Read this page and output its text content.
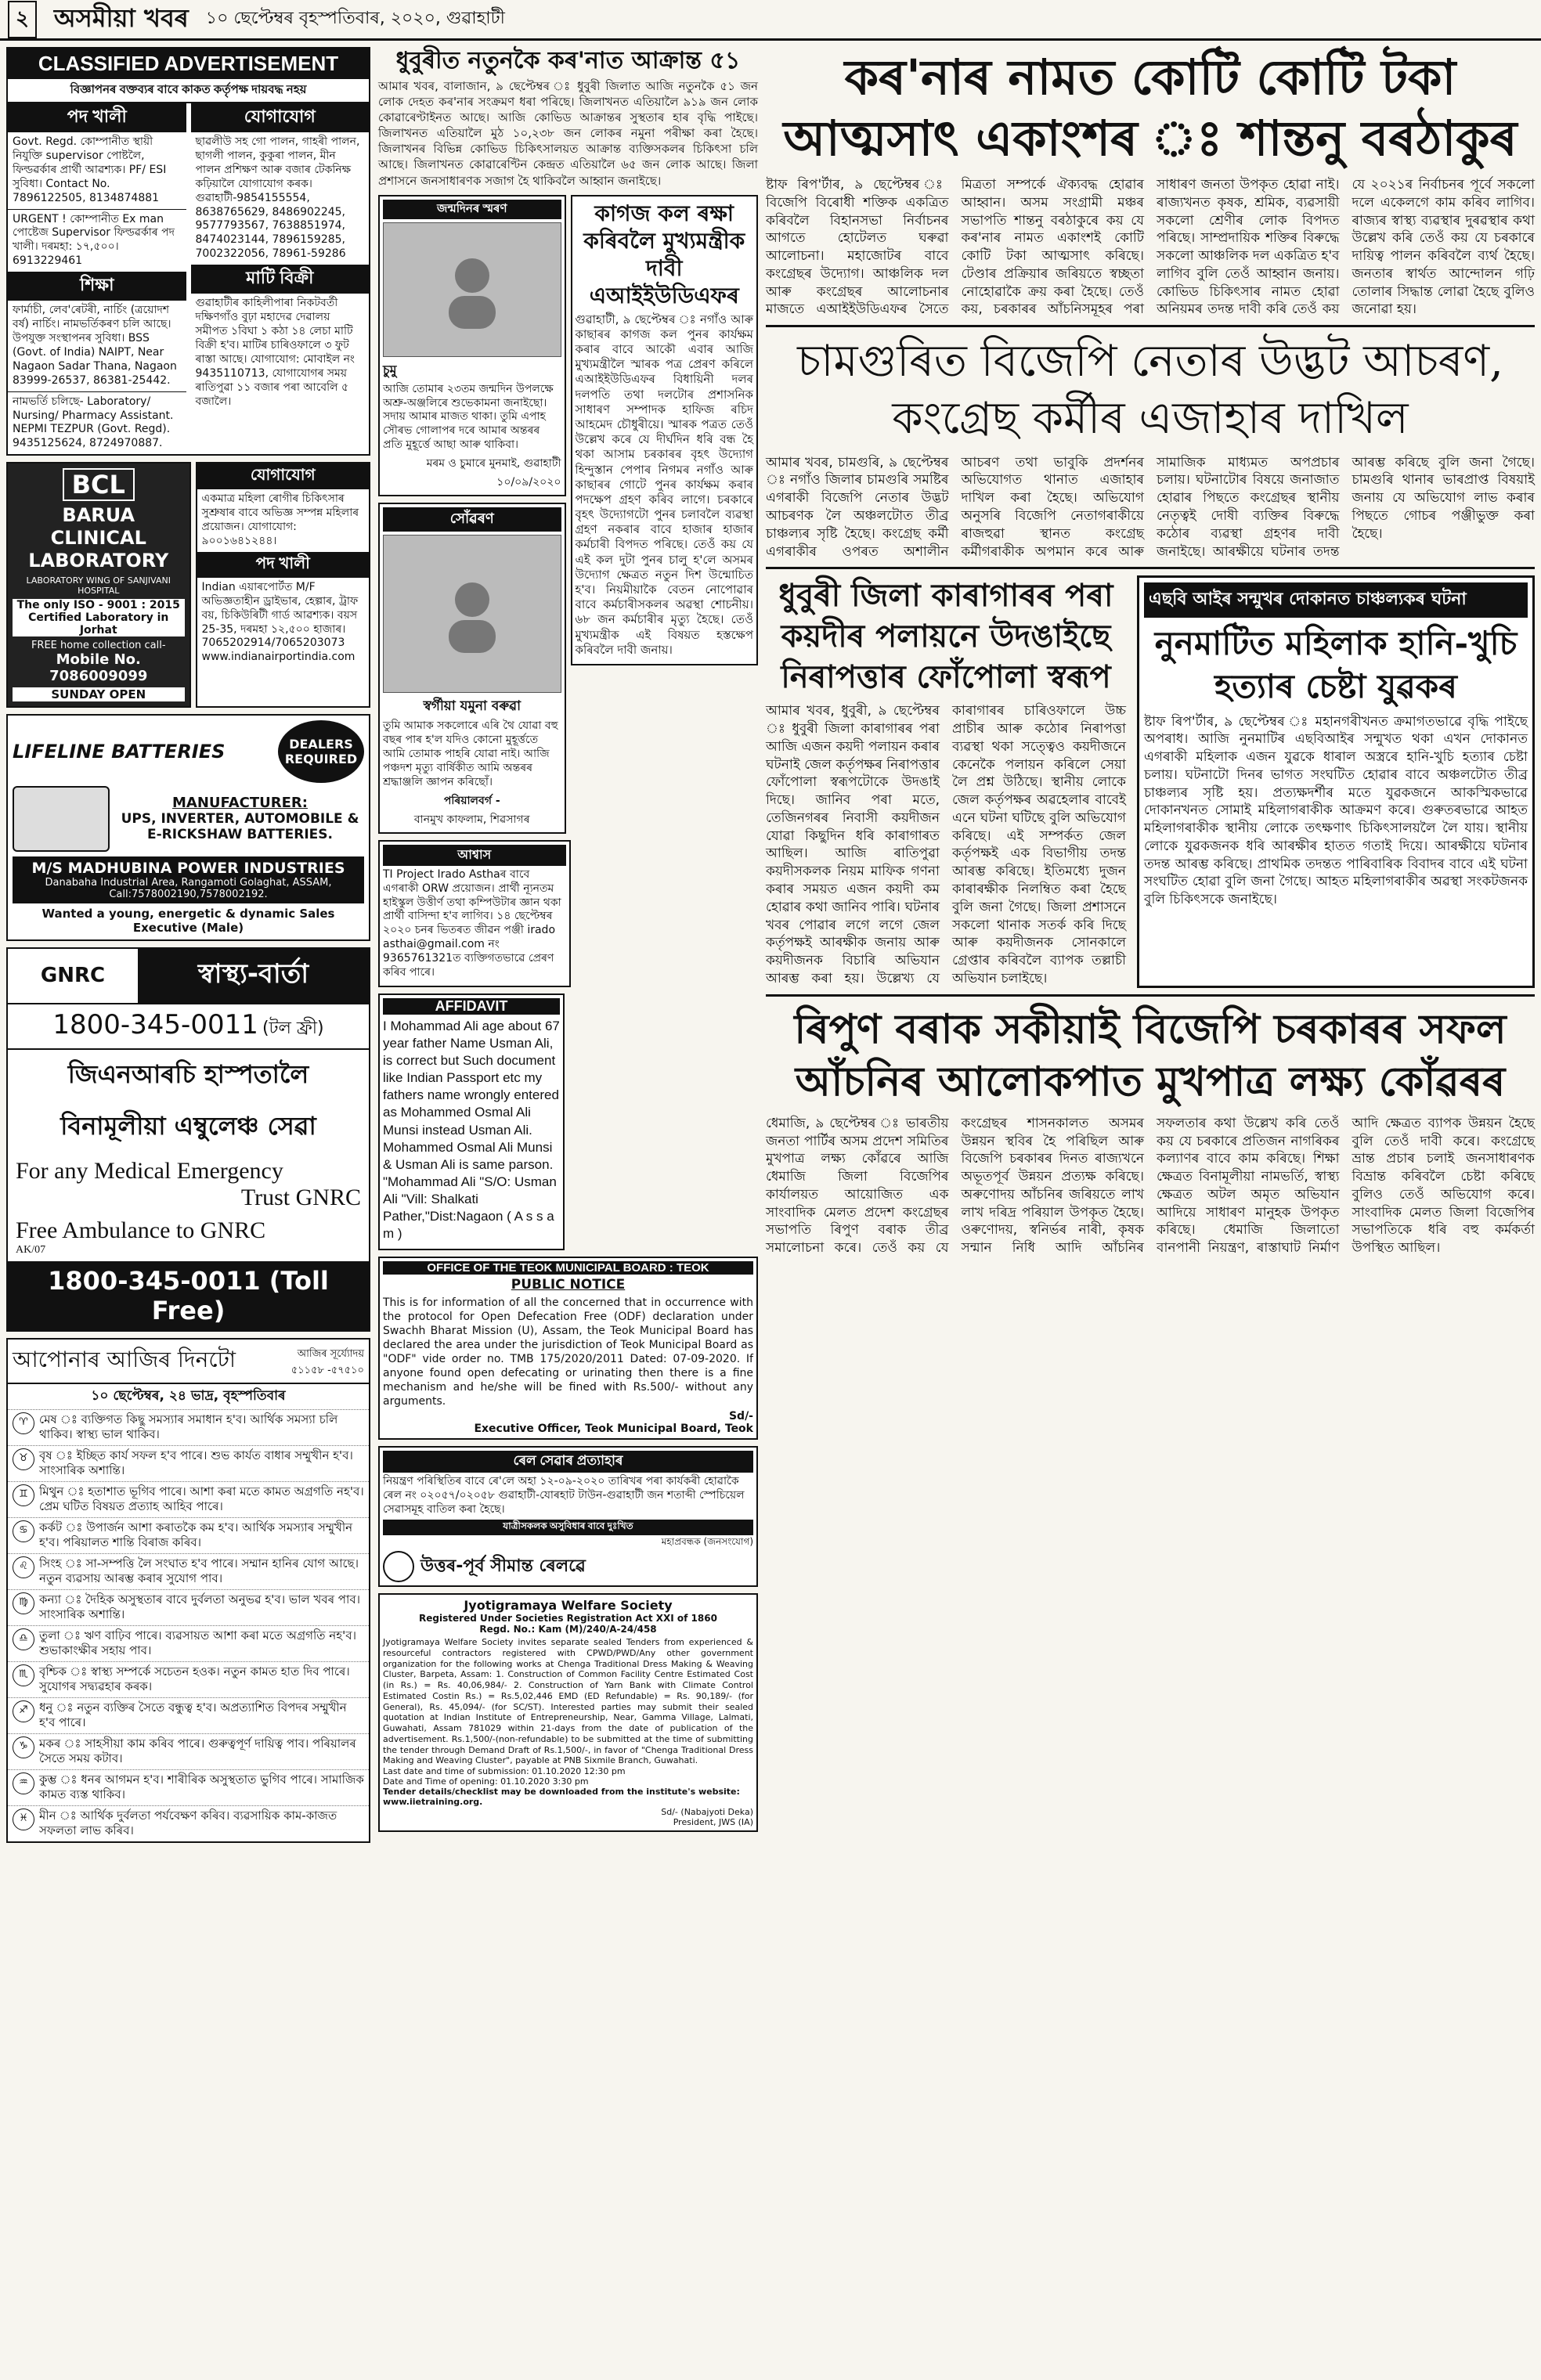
২	অসমীয়া খবৰ ১০ ছেপ্টেম্বৰ বৃহস্পতিবাৰ, ২০২০, গুৱাহাটী
CLASSIFIED ADVERTISEMENT
বিজ্ঞাপনৰ বক্তব্যৰ বাবে কাকত কৰ্তৃপক্ষ দায়বদ্ধ নহয়
পদ খালী
Govt. Regd. কোম্পানীত স্থায়ী নিযুক্তি supervisor পোষ্টলৈ, ফিল্ডৱৰ্কাৰ প্ৰাৰ্থী আৱশ্যক। PF/ ESI সুবিধা। Contact No. 7896122505, 8134874881
URGENT ! কোম্পানীত Ex man পোষ্টেজ Supervisor ফিল্ডৱৰ্কাৰ পদ খালী। দৰমহা: ১৭,৫০০। 6913229461
শিক্ষা
ফাৰ্মাচী, লেব'ৰেটৰী, নাৰ্চিং (ত্ৰয়োদশ বৰ্ষ) নাৰ্চিং। নামভৰ্তিকৰণ চলি আছে। উপযুক্ত সংস্থাপনৰ সুবিধা। BSS (Govt. of India) NAIPT, Near Nagaon Sadar Thana, Nagaon 83999-26537, 86381-25442.
নামভৰ্তি চলিছে- Laboratory/ Nursing/ Pharmacy Assistant. NEPMI TEZPUR (Govt. Regd). 9435125624, 8724970887.
যোগাযোগ
ছাৱলীউ সহ গো পালন, গাহৰী পালন, ছাগলী পালন, কুকুৰা পালন, মীন পালন প্ৰশিক্ষণ আৰু বজাৰ টেকনিক্ষ কঢ়িয়ালৈ যোগাযোগ কৰক। গুৱাহাটী-9854155554, 8638765629, 8486902245, 9577793567, 7638851974, 8474023144, 7896159285, 7002322056, 78961-59286
মাটি বিক্ৰী
গুৱাহাটীৰ কাহিলীপাৰা নিকটবৰ্তী দক্ষিণগাঁও বুঢ়া মহাদেৱ দেৱালয় সমীপত ১বিঘা ১ কঠা ১৪ লেচা মাটি বিক্ৰী হ'ব। মাটিৰ চাৰিওফালে ৩ ফুট ৰাস্তা আছে। যোগাযোগ: মোবাইল নং 9435110713, যোগাযোগৰ সময় ৰাতিপুৱা ১১ বজাৰ পৰা আবেলি ৫ বজালৈ।
BCL
BARUA CLINICAL LABORATORY
LABORATORY WING OF SANJIVANI HOSPITAL
The only ISO - 9001 : 2015 Certified Laboratory in Jorhat
FREE home collection call-
Mobile No. 7086009099
SUNDAY OPEN
যোগাযোগ
একমাত্ৰ মহিলা ৰোগীৰ চিকিৎসাৰ সুশ্ৰুষাৰ বাবে অভিজ্ঞ সম্পন্ন মহিলাৰ প্ৰয়োজন। যোগাযোগ: ৯০০১৬৪১২৪৪।
পদ খালী
Indian এয়াৰপোৰ্টত M/F অভিজ্ঞতাহীন ড্ৰাইভাৰ, হেল্পাৰ, ট্ৰাফ বয়, চিকিউৰিটী গাৰ্ড আৱশ্যক। বয়স 25-35, দৰমহা ১২,৫০০ হাজাৰ। 7065202914/7065203073 www.indianairportindia.com
LIFELINE BATTERIES	DEALERS REQUIRED
MANUFACTURER:
UPS, INVERTER, AUTOMOBILE & E-RICKSHAW BATTERIES.
M/S MADHUBINA POWER INDUSTRIES
Danabaha Industrial Area, Rangamoti Golaghat, ASSAM, Call:7578002190,7578002192.
Wanted a young, energetic & dynamic Sales Executive (Male)
GNRC	স্বাস্থ্য-বাৰ্তা
1800-345-0011 (টল ফ্ৰী)
জিএনআৰচি হাস্পতালৈ
বিনামূলীয়া এম্বুলেঞ্চ সেৱা
For any Medical Emergency
Trust GNRC
Free Ambulance to GNRC
AK/07
1800-345-0011 (Toll Free)
আপোনাৰ আজিৰ দিনটো	আজিৰ সূৰ্য্যোদয়
৫১১৫৮ -৫৭৫১০
১০ ছেপ্টেম্বৰ, ২৪ ভাদ্ৰ, বৃহস্পতিবাৰ
♈ মেষ ঃ ব্যক্তিগত কিছু সমস্যাৰ সমাধান হ'ব। আৰ্থিক সমস্যা চলি থাকিব। স্বাস্থ্য ভাল থাকিব।
♉ বৃষ ঃ ইচ্ছিত কাৰ্য সফল হ'ব পাৰে। শুভ কাৰ্যত বাধাৰ সম্মুখীন হ'ব। সাংসাৰিক অশান্তি।
♊ মিথুন ঃ হতাশাত ভূগিব পাৰে। আশা কৰা মতে কামত অগ্ৰগতি নহ'ব। প্ৰেম ঘটিত বিষয়ত প্ৰত্যাহ আহিব পাৰে।
♋ কৰ্কট ঃ উপাৰ্জন আশা কৰাতকৈ কম হ'ব। আৰ্থিক সমস্যাৰ সম্মুখীন হ'ব। পৰিয়ালত শান্তি বিৰাজ কৰিব।
♌ সিংহ ঃ সা-সম্পত্তি লৈ সংঘাত হ'ব পাৰে। সম্মান হানিৰ যোগ আছে। নতুন ব্যৱসায় আৰম্ভ কৰাৰ সুযোগ পাব।
♍ কন্যা ঃ দৈহিক অসুস্থতাৰ বাবে দুৰ্বলতা অনুভৱ হ'ব। ভাল খবৰ পাব। সাংসাৰিক অশান্তি।
♎ তুলা ঃ ঋণ বাঢ়িব পাৰে। ব্যৱসায়ত আশা কৰা মতে অগ্ৰগতি নহ'ব। শুভাকাংক্ষীৰ সহায় পাব।
♏ বৃশ্চিক ঃ স্বাস্থ্য সম্পৰ্কে সচেতন হওক। নতুন কামত হাত দিব পাৰে। সুযোগৰ সদ্ব্যৱহাৰ কৰক।
♐ ধনু ঃ নতুন ব্যক্তিৰ সৈতে বন্ধুত্ব হ'ব। অপ্ৰত্যাশিত বিপদৰ সম্মুখীন হ'ব পাৰে।
♑ মকৰ ঃ সাহসীয়া কাম কৰিব পাৰে। গুৰুত্বপূৰ্ণ দায়িত্ব পাব। পৰিয়ালৰ সৈতে সময় কটাব।
♒ কুম্ভ ঃ ধনৰ আগমন হ'ব। শাৰীৰিক অসুস্থতাত ভুগিব পাৰে। সামাজিক কামত ব্যস্ত থাকিব।
♓ মীন ঃ আৰ্থিক দুৰ্বলতা পৰ্যবেক্ষণ কৰিব। ব্যৱসায়িক কাম-কাজত সফলতা লাভ কৰিব।
ধুবুৰীত নতুনকৈ কৰ'নাত আক্ৰান্ত ৫১
আমাৰ খবৰ, বালাজান, ৯ ছেপ্টেম্বৰ ঃ ধুবুৰী জিলাত আজি নতুনকৈ ৫১ জন লোক দেহত কৰ'নাৰ সংক্ৰমণ ধৰা পৰিছে। জিলাখনত এতিয়ালৈ ৯১৯ জন লোক কোৱাৰেণ্টাইনত আছে। আজি কোভিড আক্ৰান্তৰ সুস্থতাৰ হাৰ বৃদ্ধি পাইছে। জিলাখনত এতিয়ালৈ মুঠ ১০,২৩৮ জন লোকৰ নমুনা পৰীক্ষা কৰা হৈছে। জিলাখনৰ বিভিন্ন কোভিড চিকিৎসালয়ত আক্ৰান্ত ব্যক্তিসকলৰ চিকিৎসা চলি আছে। জিলাখনত কোৱাৰেণ্টিন কেন্দ্ৰত এতিয়ালৈ ৬৫ জন লোক আছে। জিলা প্ৰশাসনে জনসাধাৰণক সজাগ হৈ থাকিবলৈ আহ্বান জনাইছে।
জন্মদিনৰ স্মৰণ
চুমু
আজি তোমাৰ ২৩তম জন্মদিন উপলক্ষে অশ্ৰু-অঞ্জলিৰে শুভেকামনা জনাইছো। সদায় আমাৰ মাজত থাকা। তুমি এপাহ সৌৰভ গোলাপৰ দৰে আমাৰ অন্তৰৰ প্ৰতি মুহূৰ্ত্তে আছা আৰু থাকিবা।
মৰম ও চুমাৰে মুনমাই, গুৱাহাটী
১০/০৯/২০২০
সোঁৱৰণ
স্বৰ্গীয়া যমুনা বৰুৱা
তুমি আমাক সকলোৰে এৰি থৈ যোৱা বহু বছৰ পাৰ হ'ল যদিও কোনো মুহূৰ্ত্ততে আমি তোমাক পাহৰি যোৱা নাই। আজি পঞ্চদশ মৃত্যু বাৰ্ষিকীত আমি অন্তৰৰ শ্ৰদ্ধাঞ্জলি জ্ঞাপন কৰিছোঁ।
পৰিয়ালবৰ্গ -
বানমুখ কাফলাম, শিৱসাগৰ
কাগজ কল ৰক্ষা কৰিবলৈ মুখ্যমন্ত্ৰীক দাবী এআইইউডিএফৰ
গুৱাহাটী, ৯ ছেপ্টেম্বৰ ঃ নগাঁও আৰু কাছাৰৰ কাগজ কল পুনৰ কাৰ্যক্ষম কৰাৰ বাবে আকৌ এবাৰ আজি মুখ্যমন্ত্ৰীলৈ স্মাৰক পত্ৰ প্ৰেৰণ কৰিলে এআইইউডিএফৰ বিধায়িনী দলৰ দলপতি তথা দলটোৰ প্ৰশাসনিক সাধাৰণ সম্পাদক হাফিজ ৰচিদ আহমেদ চৌধুৰীয়ে। স্মাৰক পত্ৰত তেওঁ উল্লেখ কৰে যে দীৰ্ঘদিন ধৰি বন্ধ হৈ থকা আসাম চৰকাৰৰ বৃহৎ উদ্যোগ হিন্দুস্তান পেপাৰ নিগমৰ নগাঁও আৰু কাছাৰৰ গোটে পুনৰ কাৰ্যক্ষম কৰাৰ পদক্ষেপ গ্ৰহণ কৰিব লাগে। চৰকাৰে বৃহৎ উদ্যোগটো পুনৰ চলাবলৈ ব্যৱস্থা গ্ৰহণ নকৰাৰ বাবে হাজাৰ হাজাৰ কৰ্মচাৰী বিপদত পৰিছে। তেওঁ কয় যে এই কল দুটা পুনৰ চালু হ'লে অসমৰ উদ্যোগ ক্ষেত্ৰত নতুন দিশ উন্মোচিত হ'ব। নিয়মীয়াকৈ বেতন নোপোৱাৰ বাবে কৰ্মচাৰীসকলৰ অৱস্থা শোচনীয়। ৬৮ জন কৰ্মচাৰীৰ মৃত্যু হৈছে। তেওঁ মুখ্যমন্ত্ৰীক এই বিষয়ত হস্তক্ষেপ কৰিবলৈ দাবী জনায়।
আশ্বাস
TI Project Irado Asthaৰ বাবে এগৰাকী ORW প্ৰয়োজন। প্ৰাৰ্থী ন্যূনতম হাইস্কুল উত্তীৰ্ণ তথা কম্পিউটাৰ জ্ঞান থকা প্ৰাৰ্থী বাসিন্দা হ'ব লাগিব। ১৪ ছেপ্টেম্বৰ ২০২০ চনৰ ভিতৰত জীৱন পঞ্জী irado asthai@gmail.com নং 9365761321ত ব্যক্তিগতভাৱে প্ৰেৰণ কৰিব পাৰে।
AFFIDAVIT
I Mohammad Ali age about 67 year father Name Usman Ali, is correct but Such document like Indian Passport etc my fathers name wrongly entered as Mohammed Osmal Ali Munsi instead Usman Ali. Mohammed Osmal Ali Munsi & Usman Ali is same parson. "Mohammad Ali "S/O: Usman Ali "Vill: Shalkati Pather,"Dist:Nagaon ( A s s a m )
OFFICE OF THE TEOK MUNICIPAL BOARD : TEOK
PUBLIC NOTICE
This is for information of all the concerned that in occurrence with the protocol for Open Defecation Free (ODF) declaration under Swachh Bharat Mission (U), Assam, the Teok Municipal Board has declared the area under the jurisdiction of Teok Municipal Board as "ODF" vide order no. TMB 175/2020/2011 Dated: 07-09-2020. If anyone found open defecating or urinating then there is a fine mechanism and he/she will be fined with Rs.500/- without any arguments.
Sd/-
Executive Officer, Teok Municipal Board, Teok
ৰেল সেৱাৰ প্ৰত্যাহাৰ
নিয়ন্ত্ৰণ পৰিস্থিতিৰ বাবে ৰে'লে অহা ১২-০৯-২০২০ তাৰিখৰ পৰা কাৰ্যকৰী হোৱাকৈ ৰেল নং ০২০৫৭/০২০৫৮ গুৱাহাটী-যোৰহাট টাউন-গুৱাহাটী জন শতাব্দী স্পেচিয়েল সেৱাসমূহ বাতিল কৰা হৈছে।
যাত্ৰীসকলক অসুবিধাৰ বাবে দুঃখিত
মহাপ্ৰবন্ধক (জনসংযোগ)
উত্তৰ-পূৰ্ব সীমান্ত ৰেলৱে
Jyotigramaya Welfare Society
Registered Under Societies Registration Act XXI of 1860
Regd. No.: Kam (M)/240/A-24/458
Jyotigramaya Welfare Society invites separate sealed Tenders from experienced & resourceful contractors registered with CPWD/PWD/Any other government organization for the following works at Chenga Traditional Dress Making & Weaving Cluster, Barpeta, Assam: 1. Construction of Common Facility Centre Estimated Cost (in Rs.) = Rs. 40,06,984/- 2. Construction of Yarn Bank with Climate Control Estimated Costin Rs.) = Rs.5,02,446 EMD (ED Refundable) = Rs. 90,189/- (for General), Rs. 45,094/- (for SC/ST). Interested parties may submit their sealed quotation at Indian Institute of Entrepreneurship, Near, Gamma Village, Lalmati, Guwahati, Assam 781029 within 21-days from the date of publication of the advertisement. Rs.1,500/-(non-refundable) to be submitted at the time of submitting the tender through Demand Draft of Rs.1,500/-, in favor of "Chenga Traditional Dress Making and Weaving Cluster", payable at PNB Sixmile Branch, Guwahati.
Last date and time of submission: 01.10.2020 12:30 pm
Date and Time of opening: 01.10.2020 3:30 pm
Tender details/checklist may be downloaded from the institute's website: www.iietraining.org.
Sd/- (Nabajyoti Deka)
President, JWS (IA)
কৰ'নাৰ নামত কোটি কোটি টকা আত্মসাৎ একাংশৰ ঃ শান্তনু বৰঠাকুৰ
ষ্টাফ ৰিপ'ৰ্টাৰ, ৯ ছেপ্টেম্বৰ ঃ বিজেপি বিৰোধী শক্তিক একত্ৰিত কৰিবলৈ বিহানসভা নিৰ্বাচনৰ আগতে হোটেলত ঘৰুৱা আলোচনা। মহাজোটৰ বাবে কংগ্ৰেছৰ উদ্যোগ। আঞ্চলিক দল আৰু কংগ্ৰেছৰ আলোচনাৰ মাজতে এআইইউডিএফৰ সৈতে মিত্ৰতা সম্পৰ্কে ঐক্যবদ্ধ হোৱাৰ আহ্বান। অসম সংগ্ৰামী মঞ্চৰ সভাপতি শান্তনু বৰঠাকুৰে কয় যে কৰ'নাৰ নামত একাংশই কোটি কোটি টকা আত্মসাৎ কৰিছে। টেণ্ডাৰ প্ৰক্ৰিয়াৰ জৰিয়তে স্বচ্ছতা নোহোৱাকৈ ক্ৰয় কৰা হৈছে। তেওঁ কয়, চৰকাৰৰ আঁচনিসমূহৰ পৰা সাধাৰণ জনতা উপকৃত হোৱা নাই। ৰাজ্যখনত কৃষক, শ্ৰমিক, ব্যৱসায়ী সকলো শ্ৰেণীৰ লোক বিপদত পৰিছে। সাম্প্ৰদায়িক শক্তিৰ বিৰুদ্ধে সকলো আঞ্চলিক দল একত্ৰিত হ'ব লাগিব বুলি তেওঁ আহ্বান জনায়। কোভিড চিকিৎসাৰ নামত হোৱা অনিয়মৰ তদন্ত দাবী কৰি তেওঁ কয় যে ২০২১ৰ নিৰ্বাচনৰ পূৰ্বে সকলো দলে একেলগে কাম কৰিব লাগিব। ৰাজ্যৰ স্বাস্থ্য ব্যৱস্থাৰ দুৰৱস্থাৰ কথা উল্লেখ কৰি তেওঁ কয় যে চৰকাৰে দায়িত্ব পালন কৰিবলৈ ব্যৰ্থ হৈছে। জনতাৰ স্বাৰ্থত আন্দোলন গঢ়ি তোলাৰ সিদ্ধান্ত লোৱা হৈছে বুলিও জনোৱা হয়।
চামগুৰিত বিজেপি নেতাৰ উদ্ভট আচৰণ, কংগ্ৰেছ কৰ্মীৰ এজাহাৰ দাখিল
আমাৰ খবৰ, চামগুৰি, ৯ ছেপ্টেম্বৰ ঃ নগাঁও জিলাৰ চামগুৰি সমষ্টিৰ এগৰাকী বিজেপি নেতাৰ উদ্ভট আচৰণক লৈ অঞ্চলটোত তীব্ৰ চাঞ্চল্যৰ সৃষ্টি হৈছে। কংগ্ৰেছ কৰ্মী এগৰাকীৰ ওপৰত অশালীন আচৰণ তথা ভাবুকি প্ৰদৰ্শনৰ অভিযোগত থানাত এজাহাৰ দাখিল কৰা হৈছে। অভিযোগ অনুসৰি বিজেপি নেতাগৰাকীয়ে ৰাজহুৱা স্থানত কংগ্ৰেছ কৰ্মীগৰাকীক অপমান কৰে আৰু সামাজিক মাধ্যমত অপপ্ৰচাৰ চলায়। ঘটনাটোৰ বিষয়ে জনাজাত হোৱাৰ পিছতে কংগ্ৰেছৰ স্থানীয় নেতৃত্বই দোষী ব্যক্তিৰ বিৰুদ্ধে কঠোৰ ব্যৱস্থা গ্ৰহণৰ দাবী জনাইছে। আৰক্ষীয়ে ঘটনাৰ তদন্ত আৰম্ভ কৰিছে বুলি জনা গৈছে। চামগুৰি থানাৰ ভাৰপ্ৰাপ্ত বিষয়াই জনায় যে অভিযোগ লাভ কৰাৰ পিছতে গোচৰ পঞ্জীভুক্ত কৰা হৈছে।
ধুবুৰী জিলা কাৰাগাৰৰ পৰা কয়দীৰ পলায়নে উদঙাইছে নিৰাপত্তাৰ ফোঁপোলা স্বৰূপ
আমাৰ খবৰ, ধুবুৰী, ৯ ছেপ্টেম্বৰ ঃ ধুবুৰী জিলা কাৰাগাৰৰ পৰা আজি এজন কয়দী পলায়ন কৰাৰ ঘটনাই জেল কৰ্তৃপক্ষৰ নিৰাপত্তাৰ ফোঁপোলা স্বৰূপটোকে উদঙাই দিছে। জানিব পৰা মতে, তেজিনগৰৰ নিবাসী কয়দীজন যোৱা কিছুদিন ধৰি কাৰাগাৰত আছিল। আজি ৰাতিপুৱা কয়দীসকলক নিয়ম মাফিক গণনা কৰাৰ সময়ত এজন কয়দী কম হোৱাৰ কথা জানিব পাৰি। ঘটনাৰ খবৰ পোৱাৰ লগে লগে জেল কৰ্তৃপক্ষই আৰক্ষীক জনায় আৰু কয়দীজনক বিচাৰি অভিযান আৰম্ভ কৰা হয়। উল্লেখ্য যে কাৰাগাৰৰ চাৰিওফালে উচ্চ প্ৰাচীৰ আৰু কঠোৰ নিৰাপত্তা ব্যৱস্থা থকা সত্ত্বেও কয়দীজনে কেনেকৈ পলায়ন কৰিলে সেয়া লৈ প্ৰশ্ন উঠিছে। স্থানীয় লোকে জেল কৰ্তৃপক্ষৰ অৱহেলাৰ বাবেই এনে ঘটনা ঘটিছে বুলি অভিযোগ কৰিছে। এই সম্পৰ্কত জেল কৰ্তৃপক্ষই এক বিভাগীয় তদন্ত আৰম্ভ কৰিছে। ইতিমধ্যে দুজন কাৰাৰক্ষীক নিলম্বিত কৰা হৈছে বুলি জনা গৈছে। জিলা প্ৰশাসনে সকলো থানাক সতৰ্ক কৰি দিছে আৰু কয়দীজনক সোনকালে গ্ৰেপ্তাৰ কৰিবলৈ ব্যাপক তল্লাচী অভিযান চলাইছে।
এছবি আইৰ সন্মুখৰ দোকানত চাঞ্চল্যকৰ ঘটনা
নুনমাটিত মহিলাক হানি-খুচি হত্যাৰ চেষ্টা যুৱকৰ
ষ্টাফ ৰিপ'ৰ্টাৰ, ৯ ছেপ্টেম্বৰ ঃ মহানগৰীখনত ক্ৰমাগতভাৱে বৃদ্ধি পাইছে অপৰাধ। আজি নুনমাটিৰ এছবিআইৰ সন্মুখত থকা এখন দোকানত এগৰাকী মহিলাক এজন যুৱকে ধাৰাল অস্ত্ৰৰে হানি-খুচি হত্যাৰ চেষ্টা চলায়। ঘটনাটো দিনৰ ভাগত সংঘটিত হোৱাৰ বাবে অঞ্চলটোত তীব্ৰ চাঞ্চল্যৰ সৃষ্টি হয়। প্ৰত্যক্ষদৰ্শীৰ মতে যুৱকজনে আকস্মিকভাৱে দোকানখনত সোমাই মহিলাগৰাকীক আক্ৰমণ কৰে। গুৰুতৰভাৱে আহত মহিলাগৰাকীক স্থানীয় লোকে তৎক্ষণাৎ চিকিৎসালয়লৈ লৈ যায়। স্থানীয় লোকে যুৱকজনক ধৰি আৰক্ষীৰ হাতত গতাই দিয়ে। আৰক্ষীয়ে ঘটনাৰ তদন্ত আৰম্ভ কৰিছে। প্ৰাথমিক তদন্তত পাৰিবাৰিক বিবাদৰ বাবে এই ঘটনা সংঘটিত হোৱা বুলি জনা গৈছে। আহত মহিলাগৰাকীৰ অৱস্থা সংকটজনক বুলি চিকিৎসকে জনাইছে।
ৰিপুণ বৰাক সকীয়াই বিজেপি চৰকাৰৰ সফল আঁচনিৰ আলোকপাত মুখপাত্ৰ লক্ষ্য কোঁৱৰৰ
ধেমাজি, ৯ ছেপ্টেম্বৰ ঃ ভাৰতীয় জনতা পাৰ্টিৰ অসম প্ৰদেশ সমিতিৰ মুখপাত্ৰ লক্ষ্য কোঁৱৰে আজি ধেমাজি জিলা বিজেপিৰ কাৰ্যালয়ত আয়োজিত এক সাংবাদিক মেলত প্ৰদেশ কংগ্ৰেছৰ সভাপতি ৰিপুণ বৰাক তীব্ৰ সমালোচনা কৰে। তেওঁ কয় যে কংগ্ৰেছৰ শাসনকালত অসমৰ উন্নয়ন স্থবিৰ হৈ পৰিছিল আৰু বিজেপি চৰকাৰৰ দিনত ৰাজ্যখনে অভূতপূৰ্ব উন্নয়ন প্ৰত্যক্ষ কৰিছে। অৰুণোদয় আঁচনিৰ জৰিয়তে লাখ লাখ দৰিদ্ৰ পৰিয়াল উপকৃত হৈছে। ওৰুণোদয়, স্বনিৰ্ভৰ নাৰী, কৃষক সন্মান নিধি আদি আঁচনিৰ সফলতাৰ কথা উল্লেখ কৰি তেওঁ কয় যে চৰকাৰে প্ৰতিজন নাগৰিকৰ কল্যাণৰ বাবে কাম কৰিছে। শিক্ষা ক্ষেত্ৰত বিনামূলীয়া নামভৰ্তি, স্বাস্থ্য ক্ষেত্ৰত অটল অমৃত অভিযান আদিয়ে সাধাৰণ মানুহক উপকৃত কৰিছে। ধেমাজি জিলাতো বানপানী নিয়ন্ত্ৰণ, ৰাস্তাঘাট নিৰ্মাণ আদি ক্ষেত্ৰত ব্যাপক উন্নয়ন হৈছে বুলি তেওঁ দাবী কৰে। কংগ্ৰেছে ভ্ৰান্ত প্ৰচাৰ চলাই জনসাধাৰণক বিভ্ৰান্ত কৰিবলৈ চেষ্টা কৰিছে বুলিও তেওঁ অভিযোগ কৰে। সাংবাদিক মেলত জিলা বিজেপিৰ সভাপতিকে ধৰি বহু কৰ্মকৰ্তা উপস্থিত আছিল।
